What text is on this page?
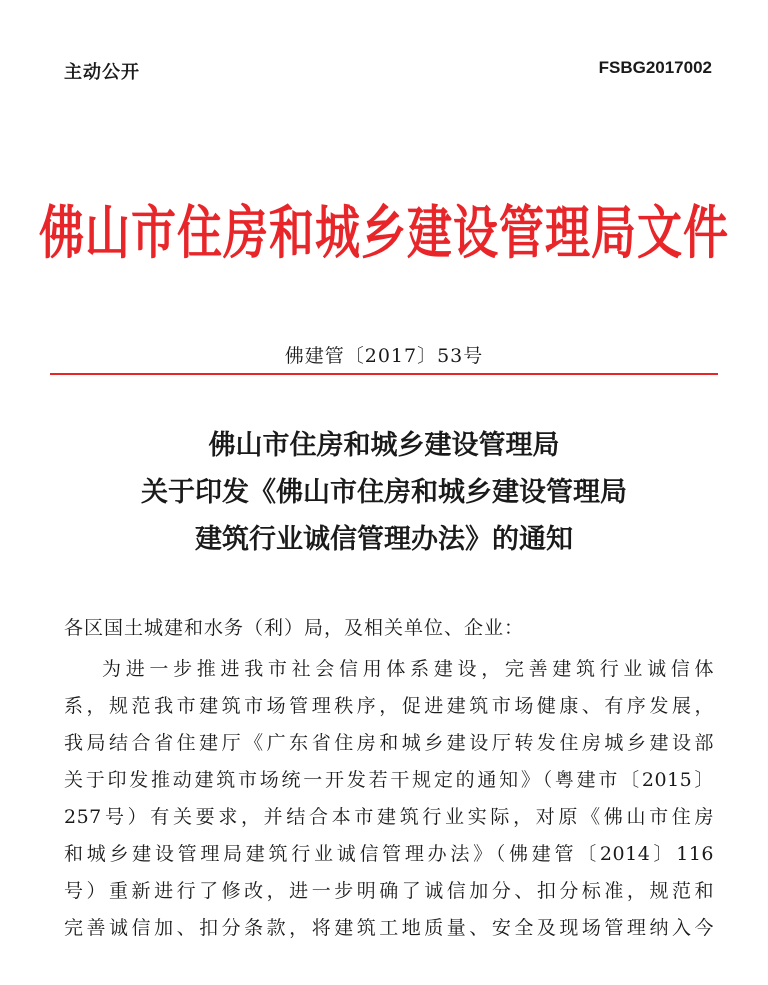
主动公开	FSBG2017002
佛山市住房和城乡建设管理局文件
佛建管〔2017〕53号
佛山市住房和城乡建设管理局
关于印发《佛山市住房和城乡建设管理局
建筑行业诚信管理办法》的通知
各区国土城建和水务（利）局，及相关单位、企业：
为进一步推进我市社会信用体系建设，完善建筑行业诚信体
系，规范我市建筑市场管理秩序，促进建筑市场健康、有序发展，
我局结合省住建厅《广东省住房和城乡建设厅转发住房城乡建设部
关于印发推动建筑市场统一开发若干规定的通知》（粤建市〔2015〕
257号）有关要求，并结合本市建筑行业实际，对原《佛山市住房
和城乡建设管理局建筑行业诚信管理办法》（佛建管〔2014〕116
号）重新进行了修改，进一步明确了诚信加分、扣分标准，规范和
完善诚信加、扣分条款，将建筑工地质量、安全及现场管理纳入今
